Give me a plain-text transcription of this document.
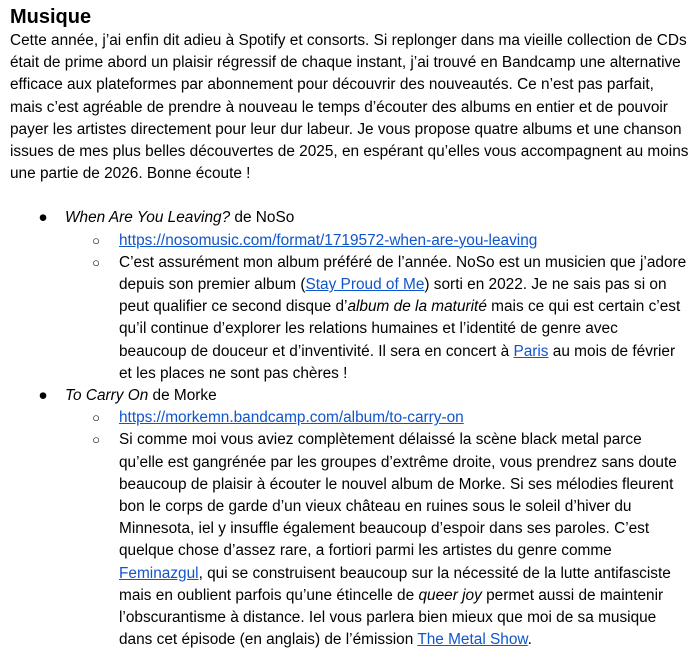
Musique

Cette année, j’ai enfin dit adieu à Spotify et consorts. Si replonger dans ma vieille collection de CDs était de prime abord un plaisir régressif de chaque instant, j’ai trouvé en Bandcamp une alternative efficace aux plateformes par abonnement pour découvrir des nouveautés. Ce n’est pas parfait, mais c’est agréable de prendre à nouveau le temps d’écouter des albums en entier et de pouvoir payer les artistes directement pour leur dur labeur. Je vous propose quatre albums et une chanson issues de mes plus belles découvertes de 2025, en espérant qu’elles vous accompagnent au moins une partie de 2026. Bonne écoute !

● When Are You Leaving? de NoSo
○ https://nosomusic.com/format/1719572-when-are-you-leaving
○ C’est assurément mon album préféré de l’année. NoSo est un musicien que j’adore depuis son premier album (Stay Proud of Me) sorti en 2022. Je ne sais pas si on peut qualifier ce second disque d’album de la maturité mais ce qui est certain c’est qu’il continue d’explorer les relations humaines et l’identité de genre avec beaucoup de douceur et d’inventivité. Il sera en concert à Paris au mois de février et les places ne sont pas chères !
● To Carry On de Morke
○ https://morkemn.bandcamp.com/album/to-carry-on
○ Si comme moi vous aviez complètement délaissé la scène black metal parce qu’elle est gangrénée par les groupes d’extrême droite, vous prendrez sans doute beaucoup de plaisir à écouter le nouvel album de Morke. Si ses mélodies fleurent bon le corps de garde d’un vieux château en ruines sous le soleil d’hiver du Minnesota, iel y insuffle également beaucoup d’espoir dans ses paroles. C’est quelque chose d’assez rare, a fortiori parmi les artistes du genre comme Feminazgul, qui se construisent beaucoup sur la nécessité de la lutte antifasciste mais en oublient parfois qu’une étincelle de queer joy permet aussi de maintenir l’obscurantisme à distance. Iel vous parlera bien mieux que moi de sa musique dans cet épisode (en anglais) de l’émission The Metal Show.
